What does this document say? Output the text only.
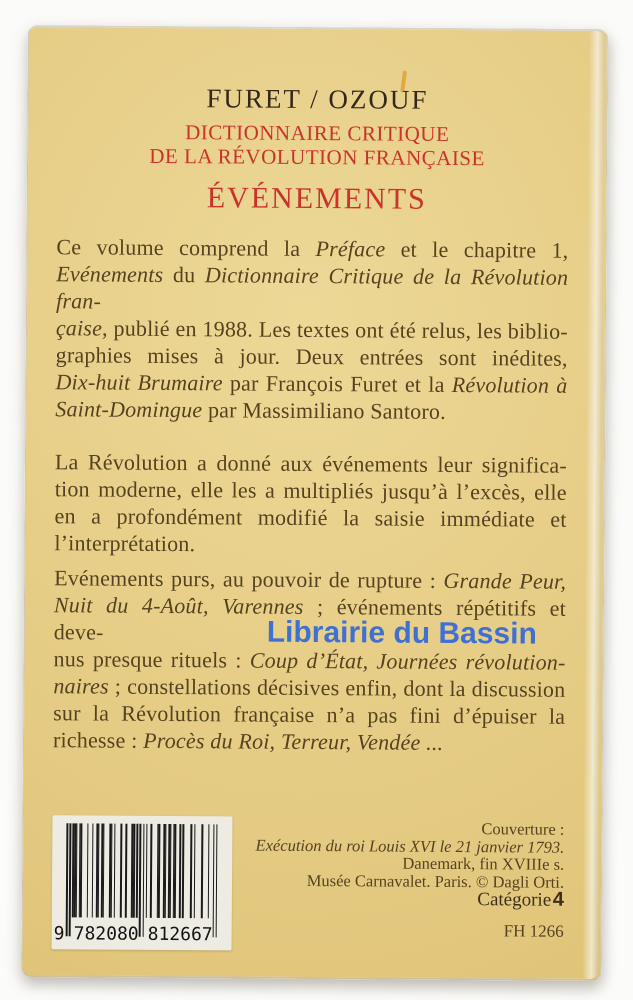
FURET / OZOUF
DICTIONNAIRE CRITIQUE
DE LA RÉVOLUTION FRANÇAISE
ÉVÉNEMENTS
Ce volume comprend la Préface et le chapitre 1,
Evénements du Dictionnaire Critique de la Révolution fran-
çaise, publié en 1988. Les textes ont été relus, les biblio-
graphies mises à jour. Deux entrées sont inédites,
Dix-huit Brumaire par François Furet et la Révolution à
Saint-Domingue par Massimiliano Santoro.
La Révolution a donné aux événements leur significa-
tion moderne, elle les a multipliés jusqu’à l’excès, elle
en a profondément modifié la saisie immédiate et
l’interprétation.
Evénements purs, au pouvoir de rupture : Grande Peur,
Nuit du 4-Août, Varennes ; événements répétitifs et deve-
nus presque rituels : Coup d’État, Journées révolution-
naires ; constellations décisives enfin, dont la discussion
sur la Révolution française n’a pas fini d’épuiser la
richesse : Procès du Roi, Terreur, Vendée ...
Librairie du Bassin
Couverture :
Exécution du roi Louis XVI le 21 janvier 1793.
Danemark, fin XVIIIe s.
Musée Carnavalet. Paris. © Dagli Orti.
Catégorie 4
FH 1266
9 782080 812667
